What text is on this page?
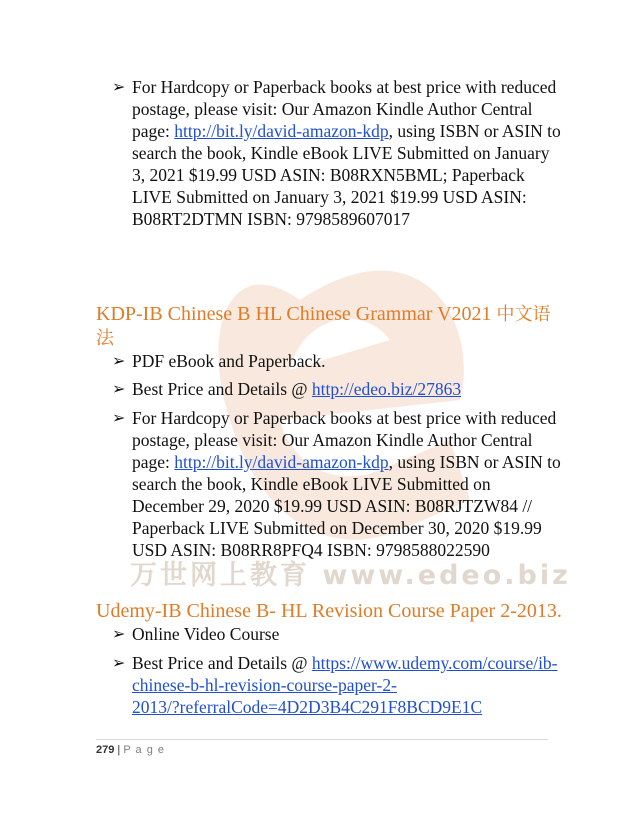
万世网上教育 www.edeo.biz
➢ For Hardcopy or Paperback books at best price with reduced
postage, please visit: Our Amazon Kindle Author Central
page: http://bit.ly/david-amazon-kdp, using ISBN or ASIN to
search the book, Kindle eBook LIVE Submitted on January
3, 2021 $19.99 USD ASIN: B08RXN5BML; Paperback
LIVE Submitted on January 3, 2021 $19.99 USD ASIN:
B08RT2DTMN ISBN: 9798589607017
KDP-IB Chinese B HL Chinese Grammar V2021 中文语
法
➢ PDF eBook and Paperback.
➢ Best Price and Details @ http://edeo.biz/27863
➢ For Hardcopy or Paperback books at best price with reduced
postage, please visit: Our Amazon Kindle Author Central
page: http://bit.ly/david-amazon-kdp, using ISBN or ASIN to
search the book, Kindle eBook LIVE Submitted on
December 29, 2020 $19.99 USD ASIN: B08RJTZW84 //
Paperback LIVE Submitted on December 30, 2020 $19.99
USD ASIN: B08RR8PFQ4 ISBN: 9798588022590
Udemy-IB Chinese B- HL Revision Course Paper 2-2013.
➢ Online Video Course
➢ Best Price and Details @ https://www.udemy.com/course/ib-
chinese-b-hl-revision-course-paper-2-
2013/?referralCode=4D2D3B4C291F8BCD9E1C
279 | P a g e
